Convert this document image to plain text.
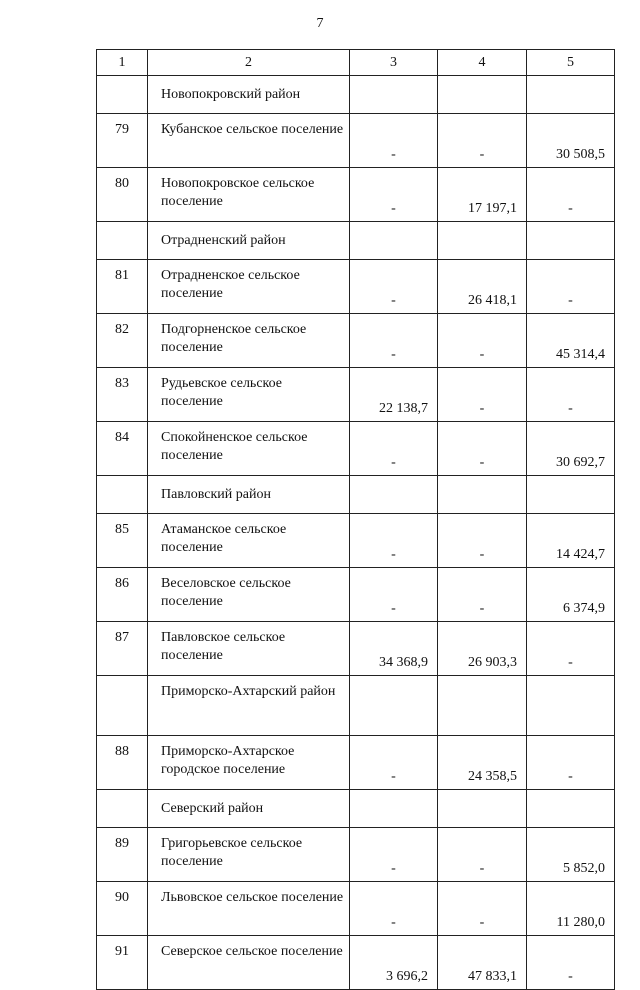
7
1	2	3	4	5
	Новопокровский район			
79	Кубанское сельское поселение	-	-	30 508,5
80	Новопокровское сельское поселение	-	17 197,1	-
	Отрадненский район			
81	Отрадненское сельское поселение	-	26 418,1	-
82	Подгорненское сельское поселение	-	-	45 314,4
83	Рудьевское сельское поселение	22 138,7	-	-
84	Спокойненское сельское поселение	-	-	30 692,7
	Павловский район			
85	Атаманское сельское поселение	-	-	14 424,7
86	Веселовское сельское поселение	-	-	6 374,9
87	Павловское сельское поселение	34 368,9	26 903,3	-
	Приморско-Ахтарский район			
88	Приморско-Ахтарское городское поселение	-	24 358,5	-
	Северский район			
89	Григорьевское сельское поселение	-	-	5 852,0
90	Львовское сельское поселение	-	-	11 280,0
91	Северское сельское поселение	3 696,2	47 833,1	-
